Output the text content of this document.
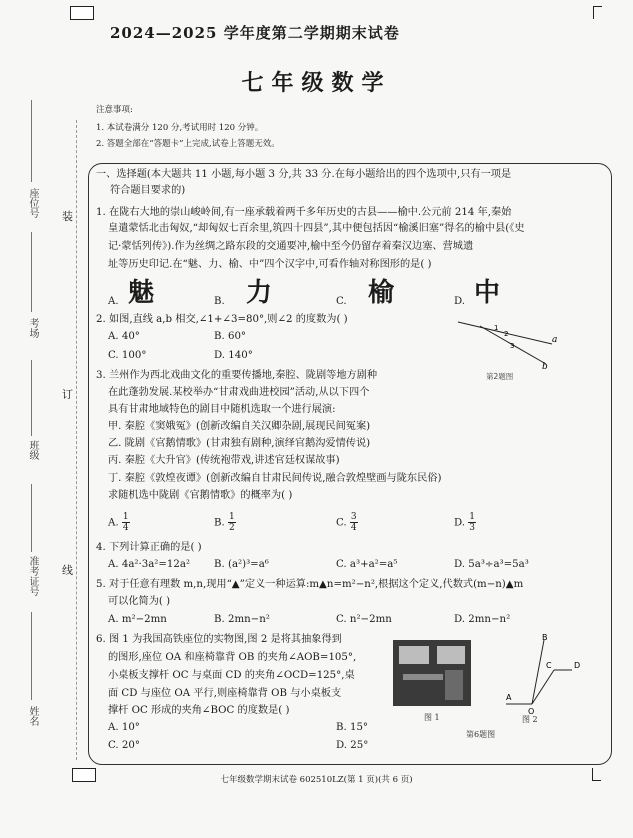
2024—2025 学年度第二学期期末试卷
七年级数学
注意事项:
1. 本试卷满分 120 分,考试用时 120 分钟。
2. 答题全部在“答题卡”上完成,试卷上答题无效。
座位号
考场
班级
准考证号
姓名
装
订
线
一、选择题(本大题共 11 小题,每小题 3 分,共 33 分.在每小题给出的四个选项中,只有一项是
符合题目要求的)
1. 在陇右大地的崇山峻岭间,有一座承载着两千多年历史的古县——榆中.公元前 214 年,秦始
皇遣蒙恬北击匈奴,“却匈奴七百余里,筑四十四县”,其中便包括因“榆溪旧塞”得名的榆中县(《史
记·蒙恬列传》).作为丝绸之路东段的交通要冲,榆中至今仍留存着秦汉边塞、营城遗
址等历史印记.在“魅、力、榆、中”四个汉字中,可看作轴对称图形的是( )
A. 魅	B. 力	C. 榆	D. 中
2. 如图,直线 a,b 相交,∠1+∠3=80°,则∠2 的度数为( )
A. 40°	B. 60°
C. 100°	D. 140°
a
b
1
2
3
第2题图
3. 兰州作为西北戏曲文化的重要传播地,秦腔、陇剧等地方剧种
在此蓬勃发展.某校举办“甘肃戏曲进校园”活动,从以下四个
具有甘肃地域特色的剧目中随机选取一个进行展演:
甲. 秦腔《窦娥冤》(创新改编自关汉卿杂剧,展现民间冤案)
乙. 陇剧《官鹅情歌》(甘肃独有剧种,演绎官鹅沟爱情传说)
丙. 秦腔《大升官》(传统袍带戏,讲述官廷权谋故事)
丁. 秦腔《敦煌夜谭》(创新改编自甘肃民间传说,融合敦煌壁画与陇东民俗)
求随机选中陇剧《官鹅情歌》的概率为( )
A. $\frac{1}{4}$	B. $\frac{1}{2}$	C. $\frac{3}{4}$	D. $\frac{1}{3}$
4. 下列计算正确的是( )
A. 4a²·3a²=12a² B. (a²)³=a⁶	C. a³+a²=a⁵	D. 5a³÷a³=5a³
5. 对于任意有理数 m,n,现用“▲”定义一种运算:m▲n=m²−n²,根据这个定义,代数式(m−n)▲m
可以化简为( )
A. m²−2mn	B. 2mn−n²	C. n²−2mn	D. 2mn−n²
6. 图 1 为我国高铁座位的实物图,图 2 是将其抽象得到
的图形,座位 OA 和座椅靠背 OB 的夹角∠AOB=105°,
小桌板支撑杆 OC 与桌面 CD 的夹角∠OCD=125°,桌
面 CD 与座位 OA 平行,则座椅靠背 OB 与小桌板支
撑杆 OC 形成的夹角∠BOC 的度数是( )
A. 10°	B. 15°
C. 20°	D. 25°
图 1
B
C	D
O
A
图 2
第6题图
七年级数学期末试卷 602510LZ(第 1 页)(共 6 页)
